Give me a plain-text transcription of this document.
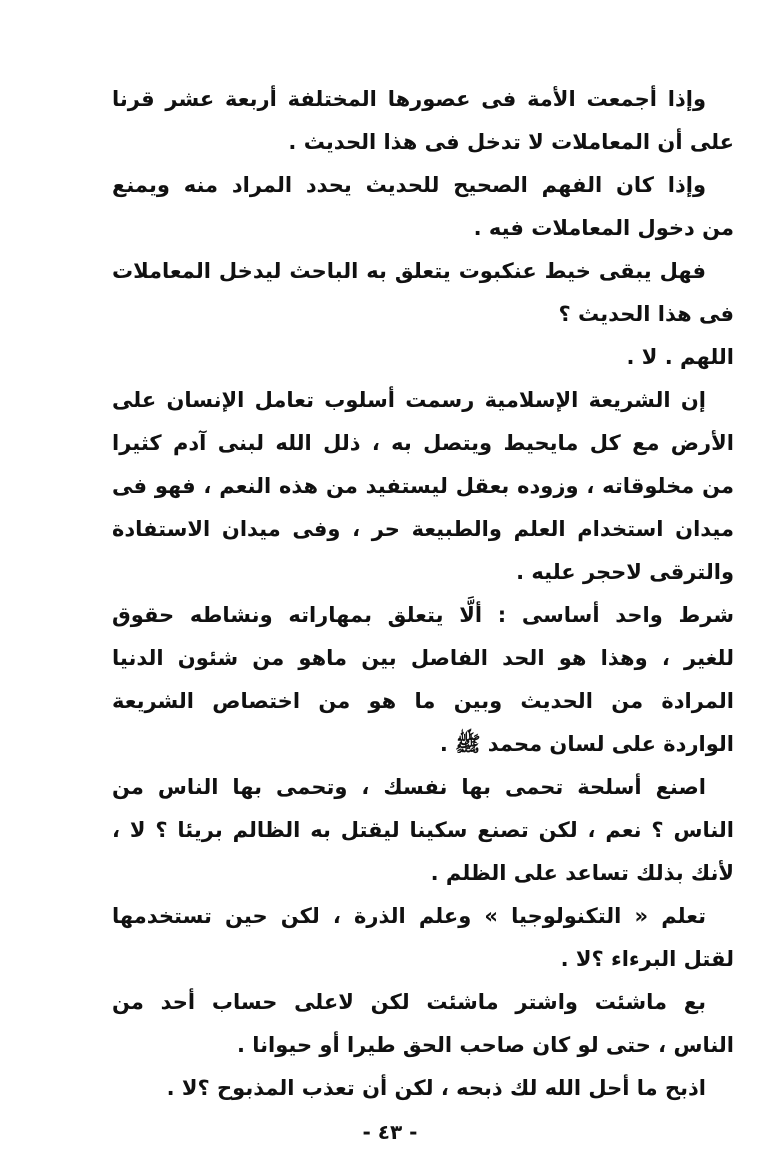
وإذا أجمعت الأمة فى عصورها المختلفة أربعة عشر قرنا
على أن المعاملات لا تدخل فى هذا الحديث .
وإذا كان الفهم الصحيح للحديث يحدد المراد منه ويمنع
من دخول المعاملات فيه .
فهل يبقى خيط عنكبوت يتعلق به الباحث ليدخل المعاملات
فى هذا الحديث ؟
اللهم . لا .
إن الشريعة الإسلامية رسمت أسلوب تعامل الإنسان على
الأرض مع كل مايحيط ويتصل به ، ذلل الله لبنى آدم كثيرا
من مخلوقاته ، وزوده بعقل ليستفيد من هذه النعم ، فهو فى
ميدان استخدام العلم والطبيعة حر ، وفى ميدان الاستفادة
والترقى لاحجر عليه .
شرط واحد أساسى : ألَّا يتعلق بمهاراته ونشاطه حقوق
للغير ، وهذا هو الحد الفاصل بين ماهو من شئون الدنيا
المرادة من الحديث وبين ما هو من اختصاص الشريعة
الواردة على لسان محمد ﷺ .
اصنع أسلحة تحمى بها نفسك ، وتحمى بها الناس من
الناس ؟ نعم ، لكن تصنع سكينا ليقتل به الظالم بريئا ؟ لا ،
لأنك بذلك تساعد على الظلم .
تعلم « التكنولوجيا » وعلم الذرة ، لكن حين تستخدمها
لقتل البرءاء ؟لا .
بع ماشئت واشتر ماشئت لكن لاعلى حساب أحد من
الناس ، حتى لو كان صاحب الحق طيرا أو حيوانا .
اذبح ما أحل الله لك ذبحه ، لكن أن تعذب المذبوح ؟لا .
- ٤٣ -
